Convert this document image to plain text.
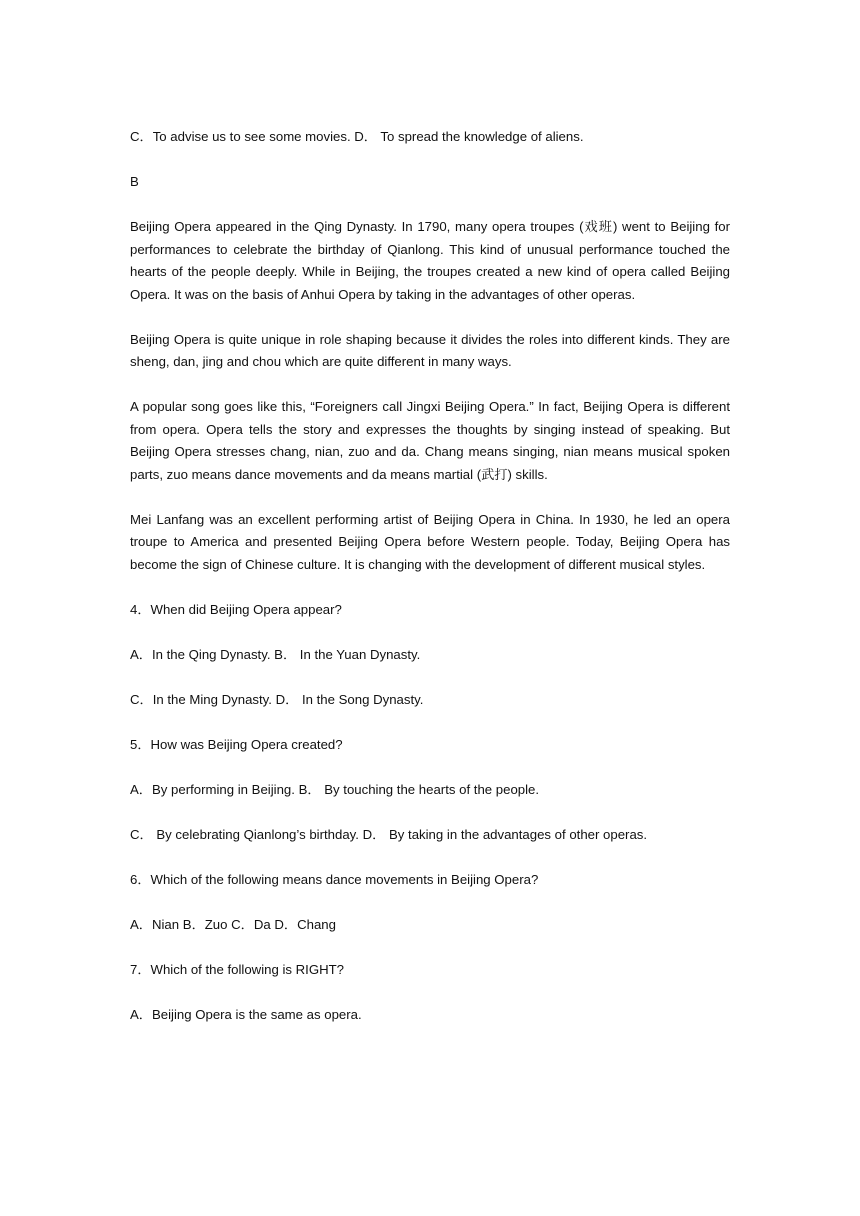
C．To advise us to see some movies. D． To spread the knowledge of aliens.
B

Beijing Opera appeared in the Qing Dynasty. In 1790, many opera troupes (戏班) went to Beijing for performances to celebrate the birthday of Qianlong. This kind of unusual performance touched the hearts of the people deeply. While in Beijing, the troupes created a new kind of opera called Beijing Opera. It was on the basis of Anhui Opera by taking in the advantages of other operas.

Beijing Opera is quite unique in role shaping because it divides the roles into different kinds. They are sheng, dan, jing and chou which are quite different in many ways.

A popular song goes like this, “Foreigners call Jingxi Beijing Opera.” In fact, Beijing Opera is different from opera. Opera tells the story and expresses the thoughts by singing instead of speaking. But Beijing Opera stresses chang, nian, zuo and da. Chang means singing, nian means musical spoken parts, zuo means dance movements and da means martial (武打) skills.

Mei Lanfang was an excellent performing artist of Beijing Opera in China. In 1930, he led an opera troupe to America and presented Beijing Opera before Western people. Today, Beijing Opera has become the sign of Chinese culture. It is changing with the development of different musical styles.

4．When did Beijing Opera appear?
A．In the Qing Dynasty. B． In the Yuan Dynasty.
C．In the Ming Dynasty. D． In the Song Dynasty.
5．How was Beijing Opera created?
A．By performing in Beijing. B． By touching the hearts of the people.
C． By celebrating Qianlong’s birthday. D． By taking in the advantages of other operas.
6．Which of the following means dance movements in Beijing Opera?
A．Nian B．Zuo C．Da D．Chang
7．Which of the following is RIGHT?
A．Beijing Opera is the same as opera.
